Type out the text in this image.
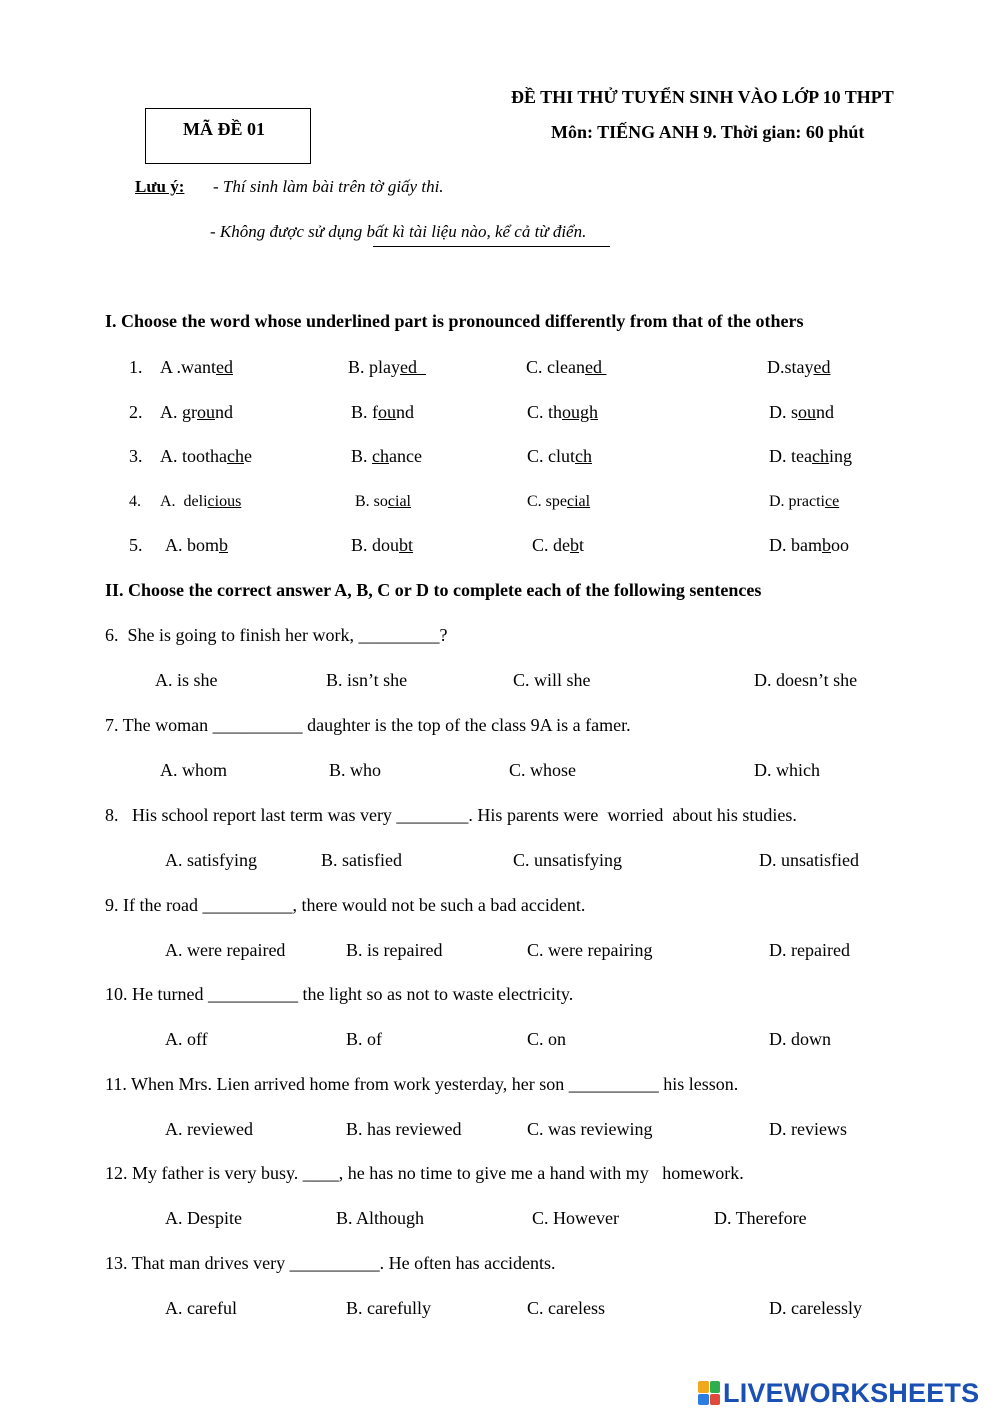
ĐỀ THI THỬ TUYỂN SINH VÀO LỚP 10 THPT
Môn: TIẾNG ANH 9. Thời gian: 60 phút
MÃ ĐỀ 01
Lưu ý: - Thí sinh làm bài trên tờ giấy thi.
- Không được sử dụng bất kì tài liệu nào, kể cả từ điển.
I. Choose the word whose underlined part is pronounced differently from that of the others
1. A .wanted	B. played	C. cleaned	D.stayed
2. A. ground	B. found	C. though	D. sound
3. A. toothache	B. chance	C. clutch	D. teaching
4. A.  delicious	B. social	C. special	D. practice
5. A. bomb	B. doubt	C. debt	D. bamboo
II. Choose the correct answer A, B, C or D to complete each of the following sentences
6.  She is going to finish her work, _________?
A. is she	B. isn’t she	C. will she	D. doesn’t she
7. The woman __________ daughter is the top of the class 9A is a famer.
A. whom	B. who	C. whose	D. which
8.   His school report last term was very ________. His parents were  worried  about his studies.
A. satisfying	B. satisfied	C. unsatisfying	D. unsatisfied
9. If the road __________, there would not be such a bad accident.
A. were repaired	B. is repaired	C. were repairing	D. repaired
10. He turned __________ the light so as not to waste electricity.
A. off	B. of	C. on	D. down
11. When Mrs. Lien arrived home from work yesterday, her son __________ his lesson.
A. reviewed	B. has reviewed	C. was reviewing	D. reviews
12. My father is very busy. ____, he has no time to give me a hand with my   homework.
A. Despite	B. Although	C. However	D. Therefore
13. That man drives very __________. He often has accidents.
A. careful	B. carefully	C. careless	D. carelessly
LIVEWORKSHEETS
